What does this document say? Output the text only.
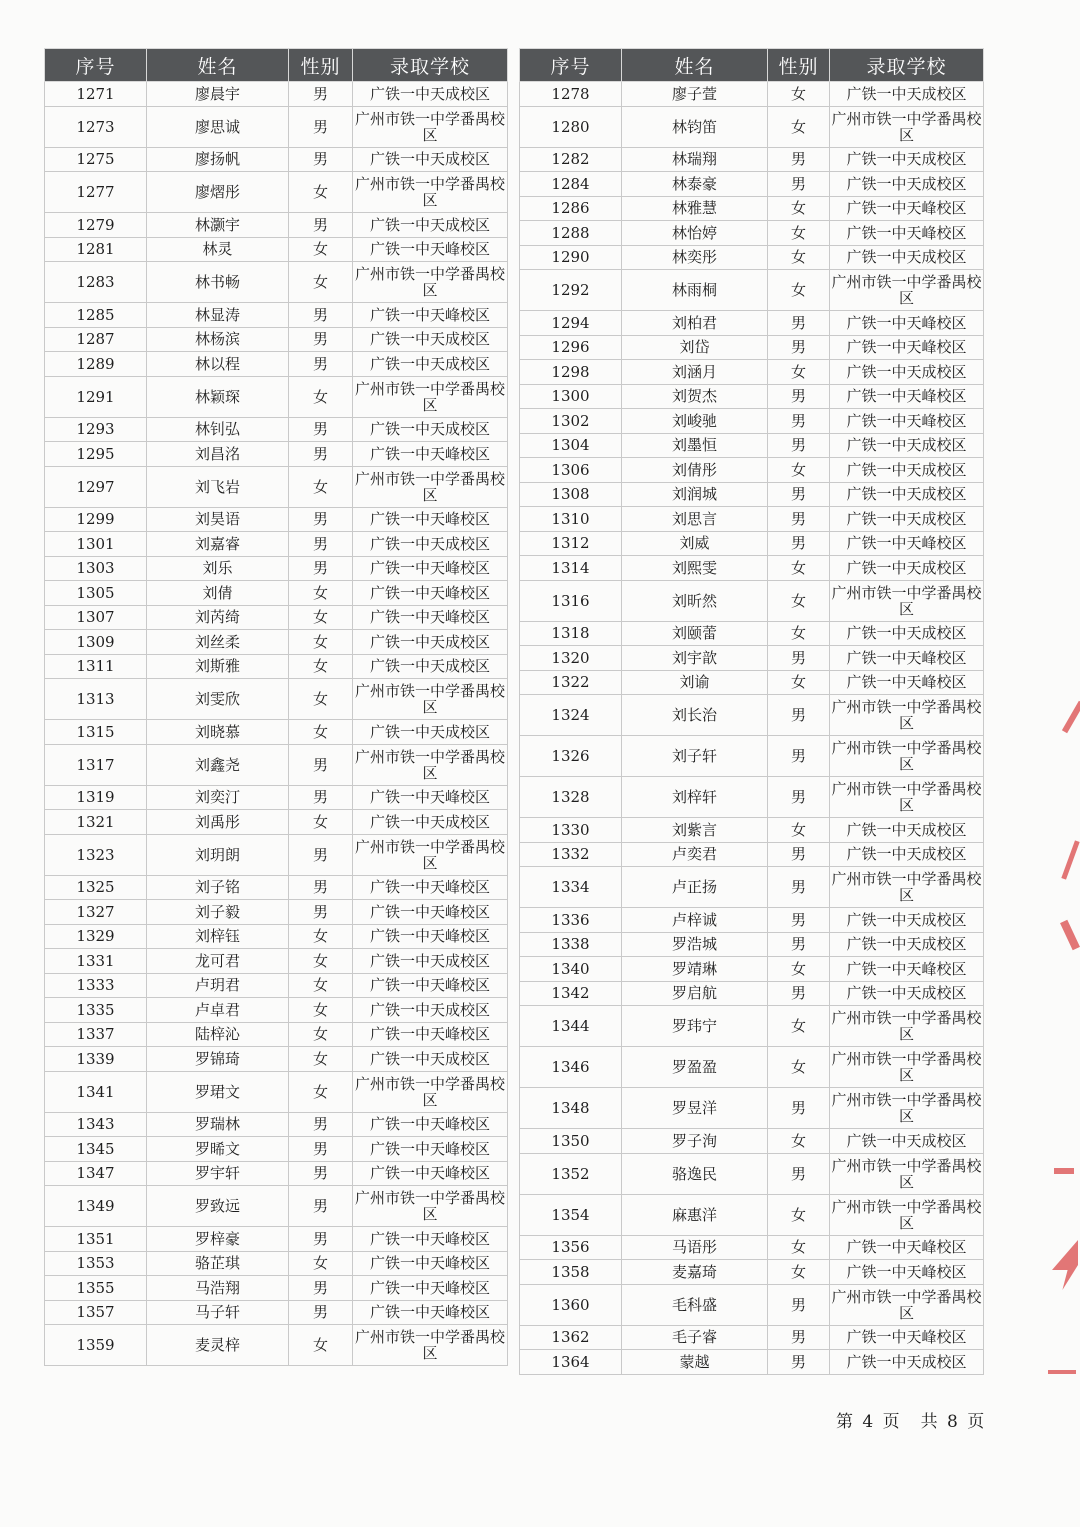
序号	姓名	性别	录取学校
1271	廖晨宇	男	广铁一中天成校区
1273	廖思诚	男	广州市铁一中学番禺校区
1275	廖扬帆	男	广铁一中天成校区
1277	廖熠彤	女	广州市铁一中学番禺校区
1279	林灏宇	男	广铁一中天成校区
1281	林灵	女	广铁一中天峰校区
1283	林书畅	女	广州市铁一中学番禺校区
1285	林显涛	男	广铁一中天峰校区
1287	林杨滨	男	广铁一中天成校区
1289	林以程	男	广铁一中天成校区
1291	林颖琛	女	广州市铁一中学番禺校区
1293	林钊弘	男	广铁一中天成校区
1295	刘昌洺	男	广铁一中天峰校区
1297	刘飞岩	女	广州市铁一中学番禺校区
1299	刘昊语	男	广铁一中天峰校区
1301	刘嘉睿	男	广铁一中天成校区
1303	刘乐	男	广铁一中天峰校区
1305	刘倩	女	广铁一中天峰校区
1307	刘芮绮	女	广铁一中天峰校区
1309	刘丝柔	女	广铁一中天成校区
1311	刘斯雅	女	广铁一中天成校区
1313	刘雯欣	女	广州市铁一中学番禺校区
1315	刘晓慕	女	广铁一中天成校区
1317	刘鑫尧	男	广州市铁一中学番禺校区
1319	刘奕汀	男	广铁一中天峰校区
1321	刘禹彤	女	广铁一中天成校区
1323	刘玥朗	男	广州市铁一中学番禺校区
1325	刘子铭	男	广铁一中天峰校区
1327	刘子毅	男	广铁一中天峰校区
1329	刘梓钰	女	广铁一中天峰校区
1331	龙可君	女	广铁一中天成校区
1333	卢玥君	女	广铁一中天峰校区
1335	卢卓君	女	广铁一中天成校区
1337	陆梓沁	女	广铁一中天峰校区
1339	罗锦琦	女	广铁一中天成校区
1341	罗珺文	女	广州市铁一中学番禺校区
1343	罗瑞林	男	广铁一中天峰校区
1345	罗晞文	男	广铁一中天峰校区
1347	罗宇轩	男	广铁一中天峰校区
1349	罗致远	男	广州市铁一中学番禺校区
1351	罗梓豪	男	广铁一中天峰校区
1353	骆芷琪	女	广铁一中天峰校区
1355	马浩翔	男	广铁一中天峰校区
1357	马子轩	男	广铁一中天峰校区
1359	麦灵梓	女	广州市铁一中学番禺校区
序号	姓名	性别	录取学校
1278	廖子萱	女	广铁一中天成校区
1280	林钧笛	女	广州市铁一中学番禺校区
1282	林瑞翔	男	广铁一中天成校区
1284	林泰豪	男	广铁一中天成校区
1286	林雅慧	女	广铁一中天峰校区
1288	林怡婷	女	广铁一中天峰校区
1290	林奕彤	女	广铁一中天成校区
1292	林雨桐	女	广州市铁一中学番禺校区
1294	刘柏君	男	广铁一中天峰校区
1296	刘岱	男	广铁一中天峰校区
1298	刘涵月	女	广铁一中天成校区
1300	刘贺杰	男	广铁一中天峰校区
1302	刘峻驰	男	广铁一中天峰校区
1304	刘墨恒	男	广铁一中天成校区
1306	刘倩彤	女	广铁一中天成校区
1308	刘润城	男	广铁一中天成校区
1310	刘思言	男	广铁一中天成校区
1312	刘威	男	广铁一中天峰校区
1314	刘熙雯	女	广铁一中天成校区
1316	刘昕然	女	广州市铁一中学番禺校区
1318	刘颐蕾	女	广铁一中天成校区
1320	刘宇歆	男	广铁一中天峰校区
1322	刘谕	女	广铁一中天峰校区
1324	刘长治	男	广州市铁一中学番禺校区
1326	刘子轩	男	广州市铁一中学番禺校区
1328	刘梓轩	男	广州市铁一中学番禺校区
1330	刘紫言	女	广铁一中天成校区
1332	卢奕君	男	广铁一中天成校区
1334	卢正扬	男	广州市铁一中学番禺校区
1336	卢梓诚	男	广铁一中天成校区
1338	罗浩城	男	广铁一中天成校区
1340	罗靖琳	女	广铁一中天峰校区
1342	罗启航	男	广铁一中天成校区
1344	罗玮宁	女	广州市铁一中学番禺校区
1346	罗盈盈	女	广州市铁一中学番禺校区
1348	罗昱洋	男	广州市铁一中学番禺校区
1350	罗子洵	女	广铁一中天成校区
1352	骆逸民	男	广州市铁一中学番禺校区
1354	麻惠洋	女	广州市铁一中学番禺校区
1356	马语彤	女	广铁一中天峰校区
1358	麦嘉琦	女	广铁一中天峰校区
1360	毛科盛	男	广州市铁一中学番禺校区
1362	毛子睿	男	广铁一中天峰校区
1364	蒙越	男	广铁一中天成校区
第 4 页　共 8 页
